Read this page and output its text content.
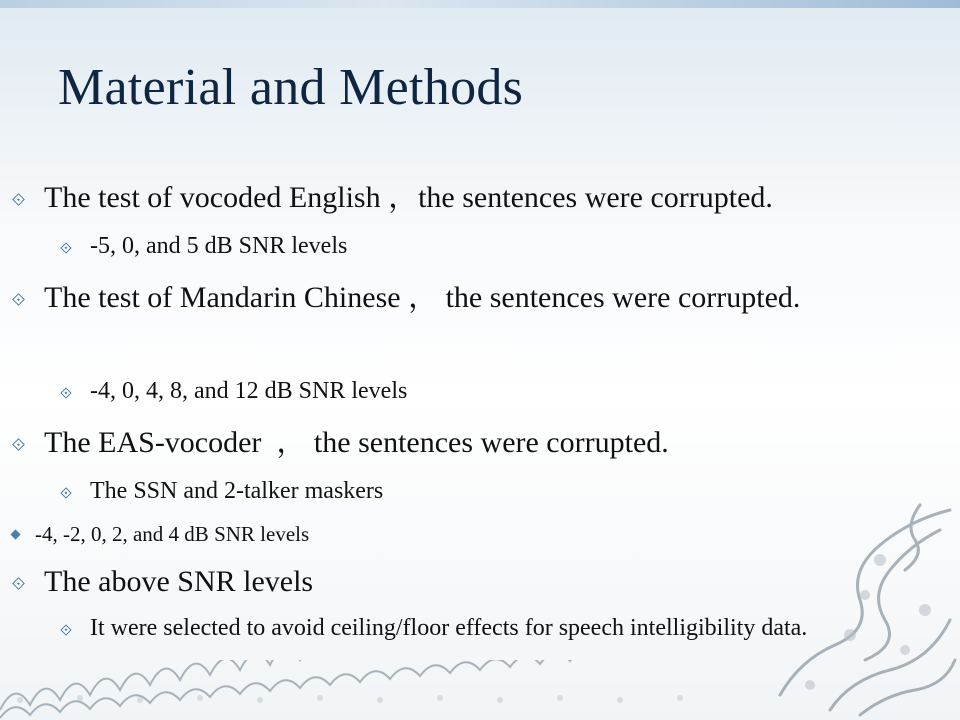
Material and Methods
The test of vocoded English ，the sentences were corrupted.
-5, 0, and 5 dB SNR levels
The test of Mandarin Chinese ， the sentences were corrupted.
-4, 0, 4, 8, and 12 dB SNR levels
The EAS-vocoder  ， the sentences were corrupted.
The SSN and 2-talker maskers
-4, -2, 0, 2, and 4 dB SNR levels
The above SNR levels
It were selected to avoid ceiling/floor effects for speech intelligibility data.
